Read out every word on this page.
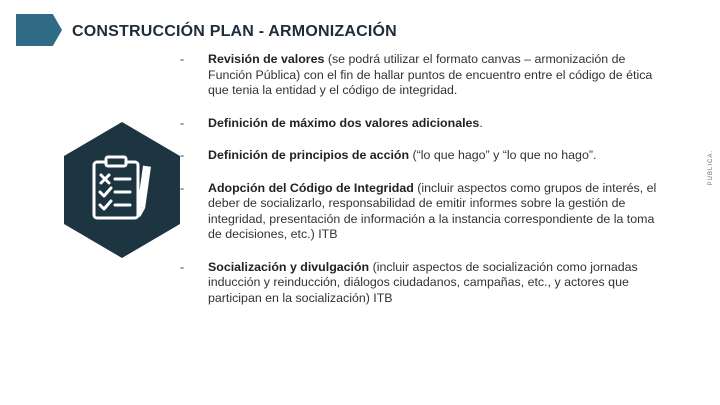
CONSTRUCCIÓN PLAN - ARMONIZACIÓN
PÚBLICA.
-	Revisión de valores (se podrá utilizar el formato canvas – armonización de Función Pública) con el fin de hallar puntos de encuentro entre el código de ética que tenia la entidad y el código de integridad.
-	Definición de máximo dos valores adicionales.
-	Definición de principios de acción (“lo que hago” y “lo que no hago”.
-	Adopción del Código de Integridad (incluir aspectos como grupos de interés, el deber de socializarlo, responsabilidad de emitir informes sobre la gestión de integridad, presentación de información a la instancia correspondiente de la toma de decisiones, etc.) ITB
-	Socialización y divulgación (incluir aspectos de socialización como jornadas inducción y reinducción, diálogos ciudadanos, campañas, etc., y actores que participan en la socialización) ITB
